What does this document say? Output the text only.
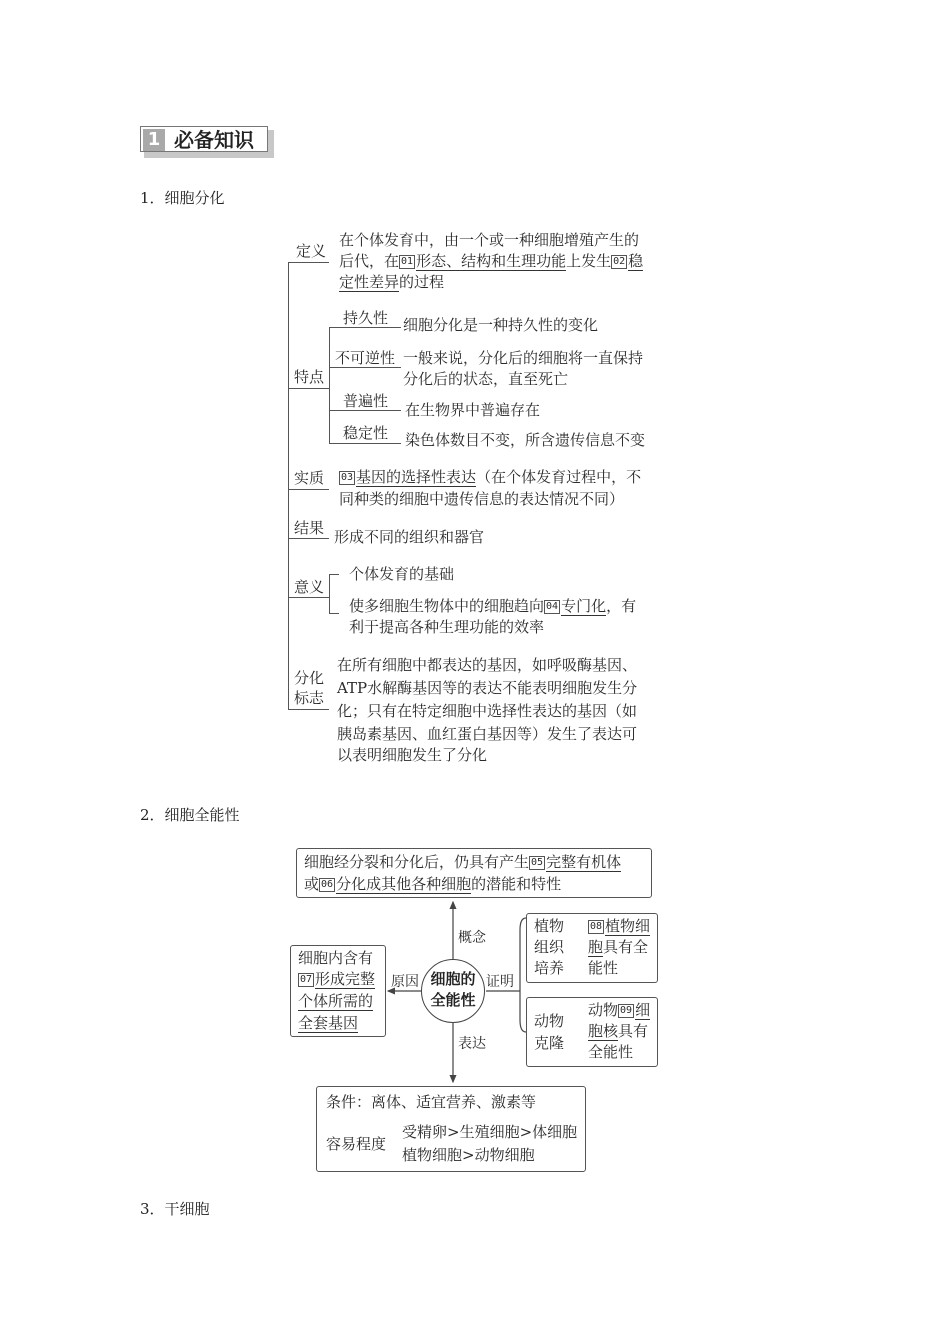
1 必备知识
1．细胞分化
2．细胞全能性
3．干细胞
定义
在个体发育中，由一个或一种细胞增殖产生的
后代，在 01 形态、结构和生理功能上发生 02 稳
定性差异的过程
特点
持久性 细胞分化是一种持久性的变化
不可逆性 一般来说，分化后的细胞将一直保持
分化后的状态，直至死亡
普遍性 在生物界中普遍存在
稳定性 染色体数目不变，所含遗传信息不变
实质 03 基因的选择性表达（在个体发育过程中，不
同种类的细胞中遗传信息的表达情况不同）
结果 形成不同的组织和器官
意义
个体发育的基础
使多细胞生物体中的细胞趋向 04 专门化，有
利于提高各种生理功能的效率
分化
标志
在所有细胞中都表达的基因，如呼吸酶基因、
ATP水解酶基因等的表达不能表明细胞发生分
化；只有在特定细胞中选择性表达的基因（如
胰岛素基因、血红蛋白基因等）发生了表达可
以表明细胞发生了分化
细胞经分裂和分化后，仍具有产生 05 完整有机体
或 06 分化成其他各种细胞的潜能和特性
概念
细胞的
全能性
原因	证明
表达
细胞内含有
07 形成完整
个体所需的
全套基因
植物
组织
培养
08 植物细
胞具有全
能性
动物
克隆
动物 09 细
胞核具有
全能性
条件：离体、适宜营养、激素等
容易程度
受精卵>生殖细胞>体细胞
植物细胞>动物细胞
